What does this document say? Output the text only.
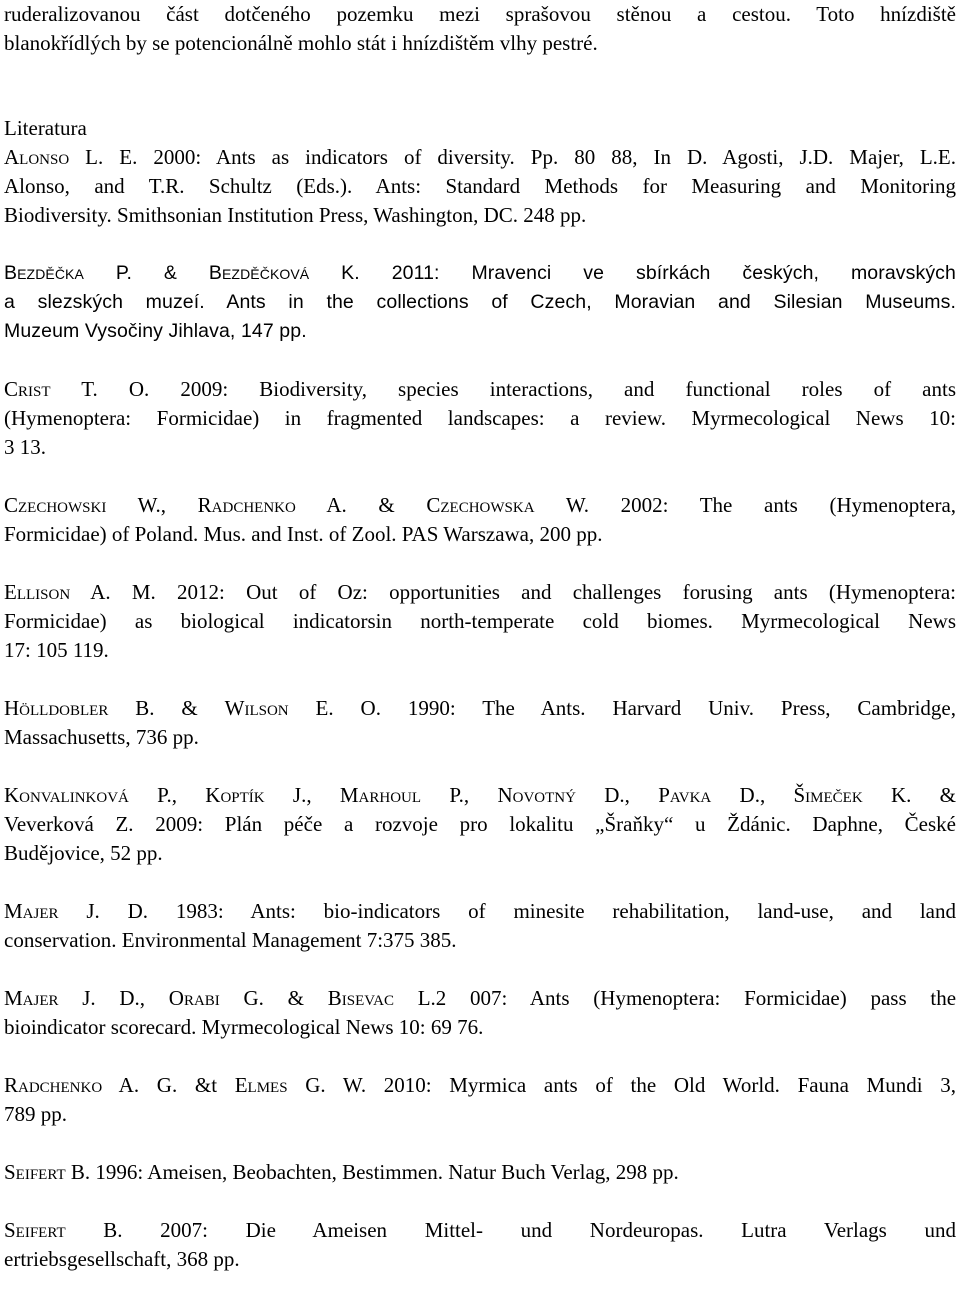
ruderalizovanou část dotčeného pozemku mezi sprašovou stěnou a cestou. Toto hnízdiště
blanokřídlých by se potencionálně mohlo stát i hnízdištěm vlhy pestré.

Literatura

Alonso L. E. 2000: Ants as indicators of diversity. Pp. 80 88, In D. Agosti, J.D. Majer, L.E.
Alonso, and T.R. Schultz (Eds.). Ants: Standard Methods for Measuring and Monitoring
Biodiversity. Smithsonian Institution Press, Washington, DC. 248 pp.
Bezděčka P. & Bezděčková K. 2011: Mravenci ve sbírkách českých, moravských
a slezských muzeí. Ants in the collections of Czech, Moravian and Silesian Museums.
Muzeum Vysočiny Jihlava, 147 pp.
Crist T. O. 2009: Biodiversity, species interactions, and functional roles of ants
(Hymenoptera: Formicidae) in fragmented landscapes: a review. Myrmecological News 10:
3 13.
Czechowski W., Radchenko A. & Czechowska W. 2002: The ants (Hymenoptera,
Formicidae) of Poland. Mus. and Inst. of Zool. PAS Warszawa, 200 pp.
Ellison A. M. 2012: Out of Oz: opportunities and challenges forusing ants (Hymenoptera:
Formicidae) as biological indicatorsin north-temperate cold biomes. Myrmecological News
17: 105 119.
Hölldobler B. & Wilson E. O. 1990: The Ants. Harvard Univ. Press, Cambridge,
Massachusetts, 736 pp.
Konvalinková P., Koptík J., Marhoul P., Novotný D., Pavka D., Šimeček K. &
Veverková Z. 2009: Plán péče a rozvoje pro lokalitu „Šraňky“ u Ždánic. Daphne, České
Budějovice, 52 pp.
Majer J. D. 1983: Ants: bio-indicators of minesite rehabilitation, land-use, and land
conservation. Environmental Management 7:375 385.
Majer J. D., Orabi G. & Bisevac L.2 007: Ants (Hymenoptera: Formicidae) pass the
bioindicator scorecard. Myrmecological News 10: 69 76.
Radchenko A. G. &t Elmes G. W. 2010: Myrmica ants of the Old World. Fauna Mundi 3,
789 pp.
Seifert B. 1996: Ameisen, Beobachten, Bestimmen. Natur Buch Verlag, 298 pp.
Seifert B. 2007: Die Ameisen Mittel- und Nordeuropas. Lutra Verlags und
ertriebsgesellschaft, 368 pp.
